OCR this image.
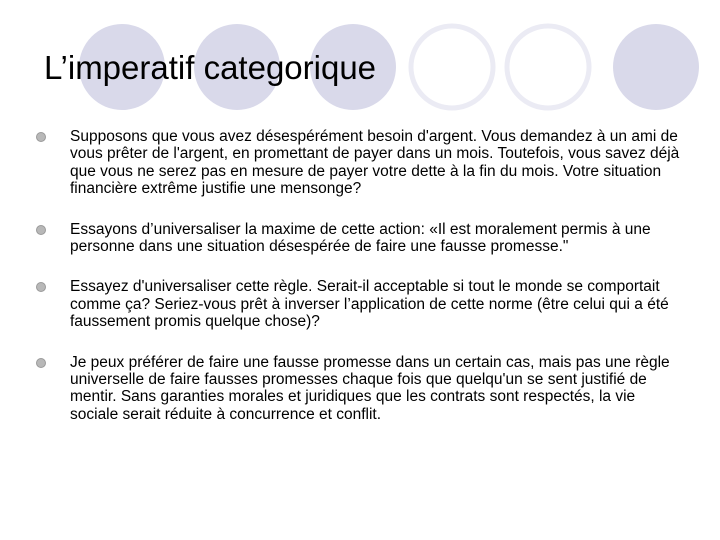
L’imperatif categorique
Supposons que vous avez désespérément besoin d'argent. Vous demandez à un ami de vous prêter de l'argent, en promettant de payer dans un mois. Toutefois, vous savez déjà que vous ne serez pas en mesure de payer votre dette à la fin du mois. Votre situation financière extrême justifie une mensonge?
Essayons d’universaliser la maxime de cette action: «Il est moralement permis à une personne dans une situation désespérée de faire une fausse promesse."
Essayez d'universaliser cette règle. Serait-il acceptable si tout le monde se comportait comme ça? Seriez-vous prêt à inverser l’application de cette norme (être celui qui a été faussement promis quelque chose)?
Je peux préférer de faire une fausse promesse dans un certain cas, mais pas une règle universelle de faire fausses promesses chaque fois que quelqu'un se sent justifié de mentir. Sans garanties morales et juridiques que les contrats sont respectés, la vie sociale serait réduite à concurrence et conflit.
